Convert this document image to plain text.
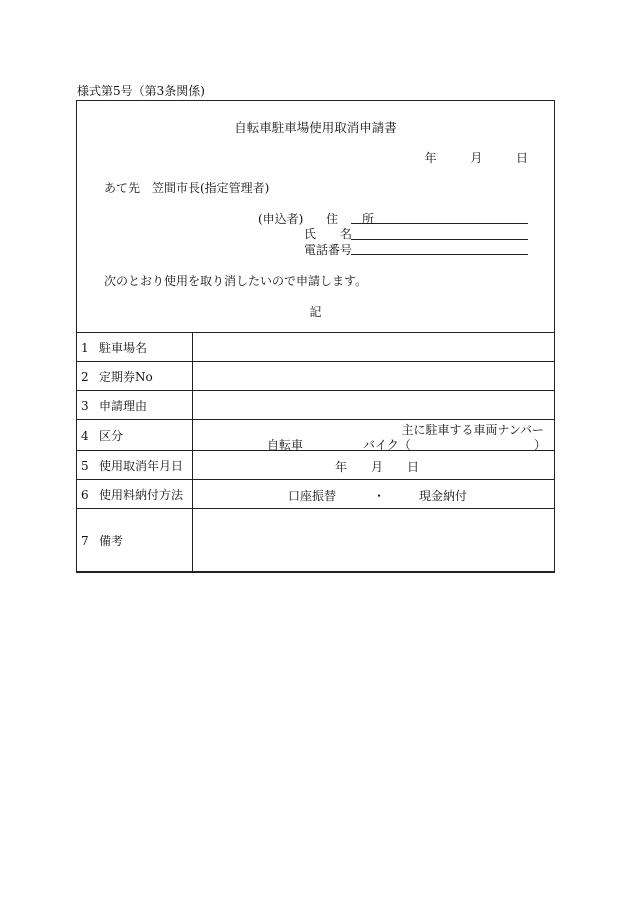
様式第5号（第3条関係)
自転車駐車場使用取消申請書
年	月	日
あて先　笠間市長(指定管理者)
(申込者) 住　　所
氏　　名
電話番号
次のとおり使用を取り消したいので申請します。
記
1 駐車場名	
2 定期券No	
3 申請理由	
4 区分	主に駐車する車両ナンバー
自転車 バイク（ ）

5 使用取消年月日	年 月 日

6 使用料納付方法	口座振替 ・ 現金納付

7 備考	
